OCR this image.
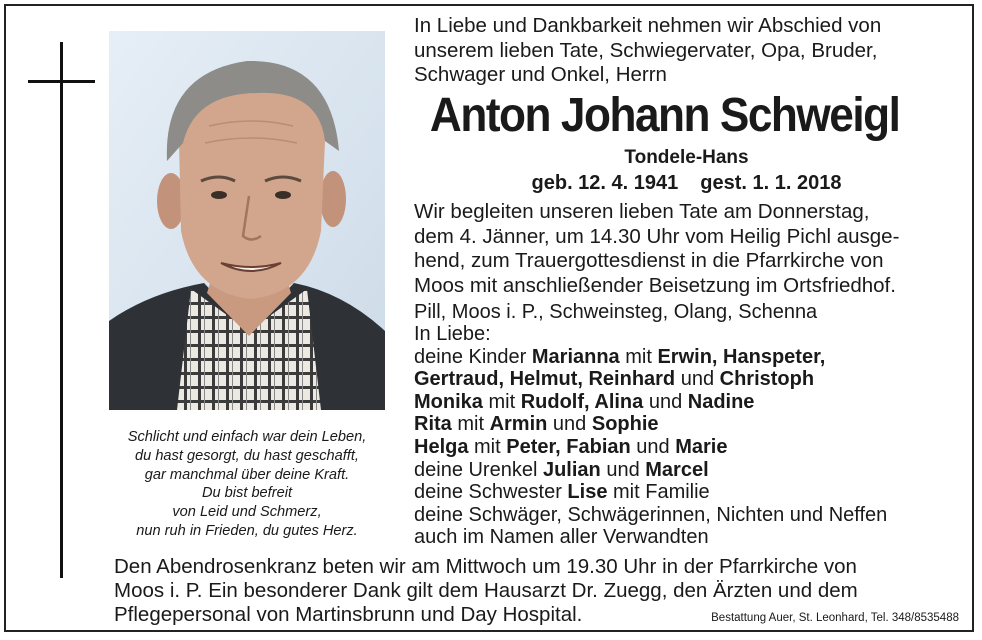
Schlicht und einfach war dein Leben,
du hast gesorgt, du hast geschafft,
gar manchmal über deine Kraft.
Du bist befreit
von Leid und Schmerz,
nun ruh in Frieden, du gutes Herz.
In Liebe und Dankbarkeit nehmen wir Abschied von
unserem lieben Tate, Schwiegervater, Opa, Bruder,
Schwager und Onkel, Herrn
Anton Johann Schweigl
Tondele-Hans
geb. 12. 4. 1941 gest. 1. 1. 2018
Wir begleiten unseren lieben Tate am Donnerstag,
dem 4. Jänner, um 14.30 Uhr vom Heilig Pichl ausge-
hend, zum Trauergottesdienst in die Pfarrkirche von
Moos mit anschließender Beisetzung im Ortsfriedhof.
Pill, Moos i. P., Schweinsteg, Olang, Schenna
In Liebe:
deine Kinder Marianna mit Erwin, Hanspeter,
Gertraud, Helmut, Reinhard und Christoph
Monika mit Rudolf, Alina und Nadine
Rita mit Armin und Sophie
Helga mit Peter, Fabian und Marie
deine Urenkel Julian und Marcel
deine Schwester Lise mit Familie
deine Schwäger, Schwägerinnen, Nichten und Neffen
auch im Namen aller Verwandten
Den Abendrosenkranz beten wir am Mittwoch um 19.30 Uhr in der Pfarrkirche von
Moos i. P. Ein besonderer Dank gilt dem Hausarzt Dr. Zuegg, den Ärzten und dem
Pflegepersonal von Martinsbrunn und Day Hospital.	Bestattung Auer, St. Leonhard, Tel. 348/8535488
